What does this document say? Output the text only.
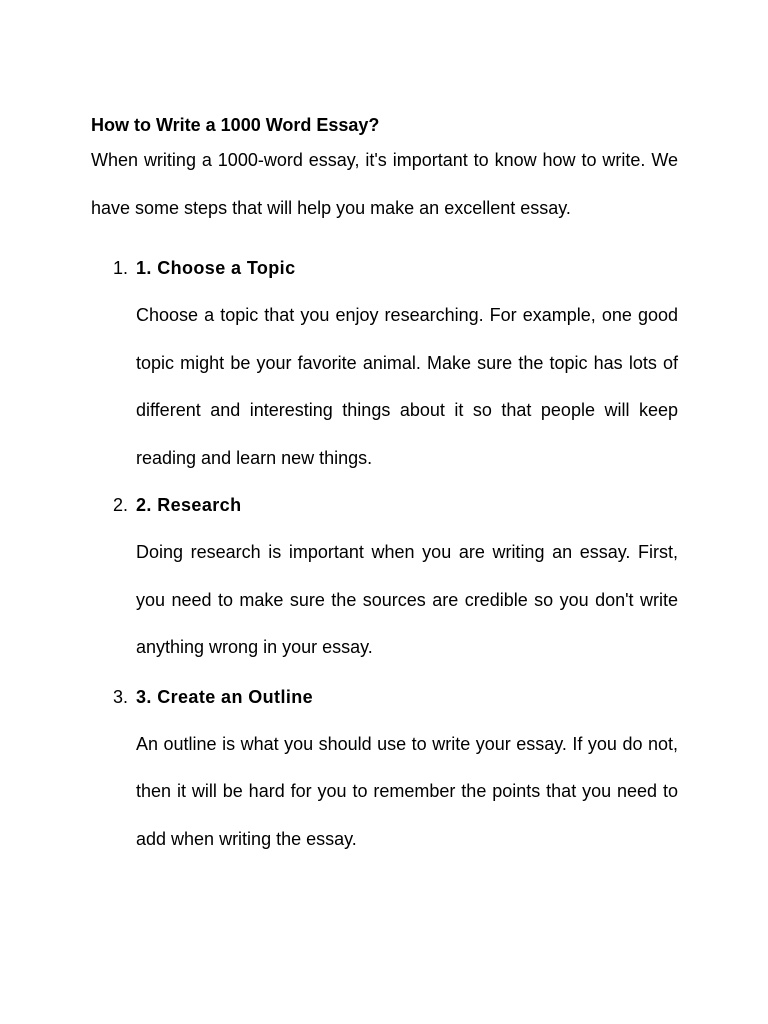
How to Write a 1000 Word Essay?

When writing a 1000-word essay, it's important to know how to write. We have some steps that will help you make an excellent essay.

1. 1. Choose a Topic

Choose a topic that you enjoy researching. For example, one good topic might be your favorite animal. Make sure the topic has lots of different and interesting things about it so that people will keep reading and learn new things.

2. 2. Research

Doing research is important when you are writing an essay. First, you need to make sure the sources are credible so you don't write anything wrong in your essay.

3. 3. Create an Outline

An outline is what you should use to write your essay. If you do not, then it will be hard for you to remember the points that you need to add when writing the essay.
